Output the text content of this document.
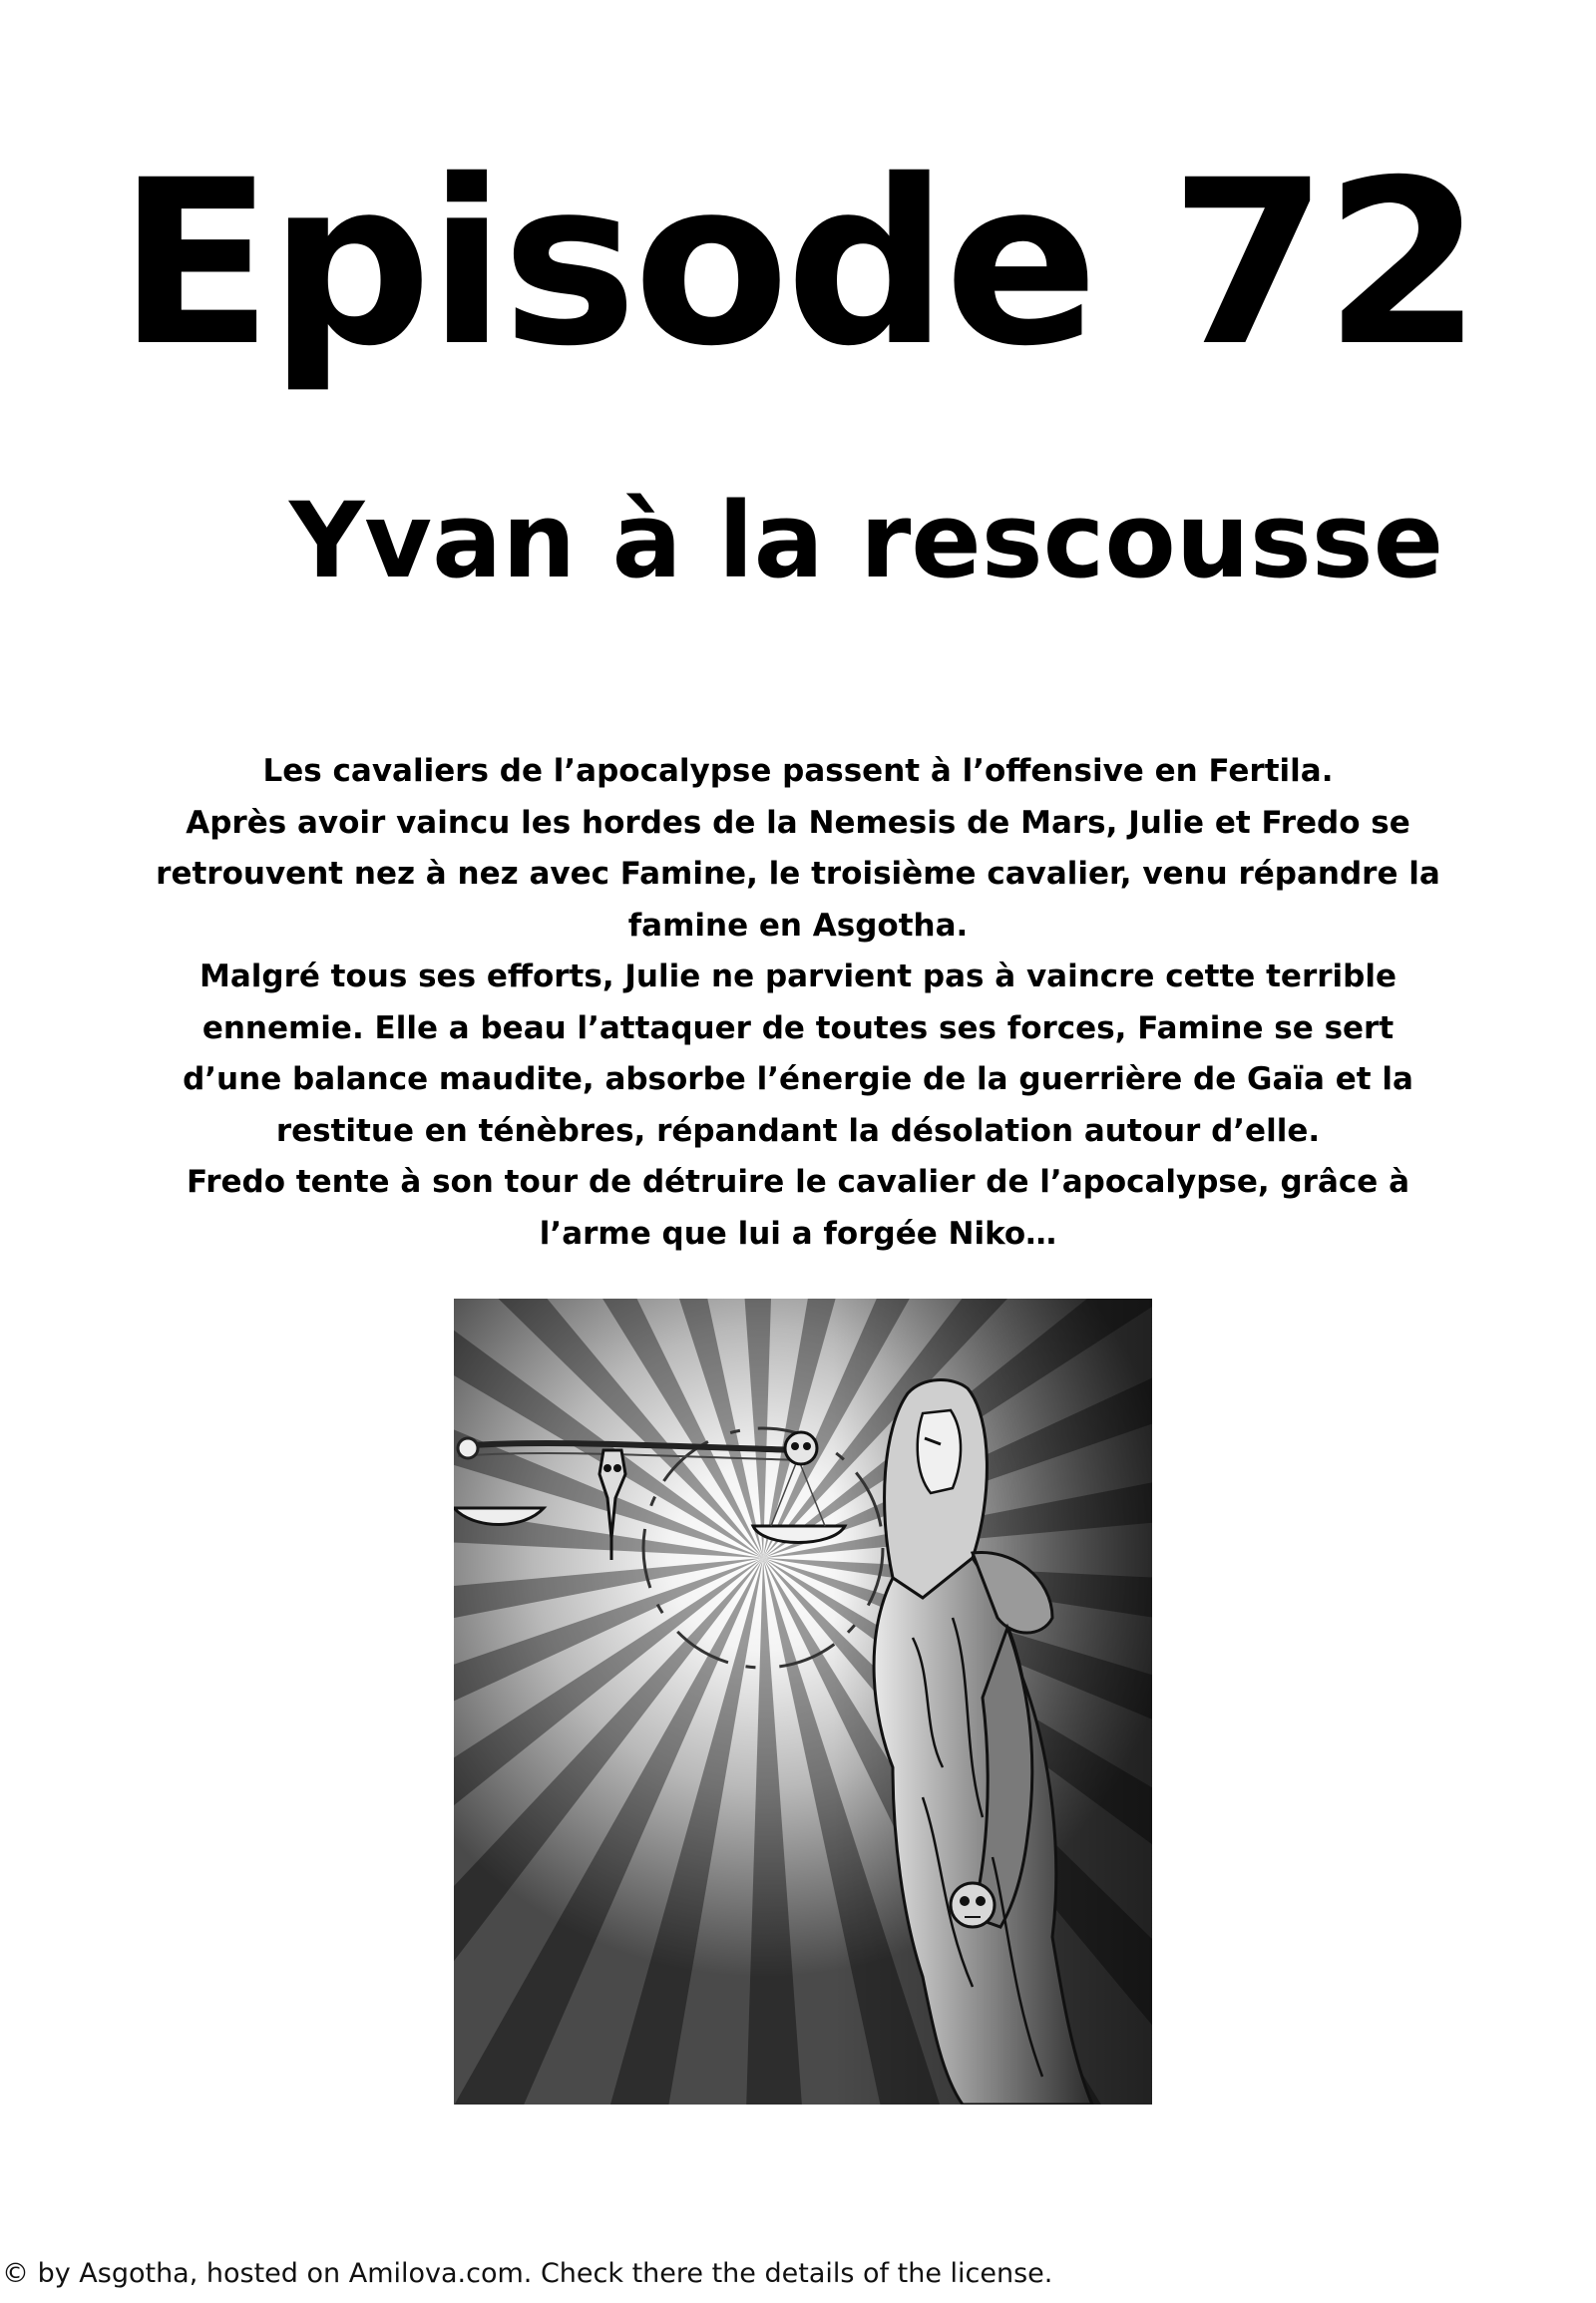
Episode 72
Yvan à la rescousse

Les cavaliers de l’apocalypse passent à l’offensive en Fertila.

Après avoir vaincu les hordes de la Nemesis de Mars, Julie et Fredo se retrouvent nez à nez avec Famine, le troisième cavalier, venu répandre la famine en Asgotha.

Malgré tous ses efforts, Julie ne parvient pas à vaincre cette terrible ennemie. Elle a beau l’attaquer de toutes ses forces, Famine se sert d’une balance maudite, absorbe l’énergie de la guerrière de Gaïa et la restitue en ténèbres, répandant la désolation autour d’elle.

Fredo tente à son tour de détruire le cavalier de l’apocalypse, grâce à l’arme que lui a forgée Niko…

© by Asgotha, hosted on Amilova.com. Check there the details of the license.
